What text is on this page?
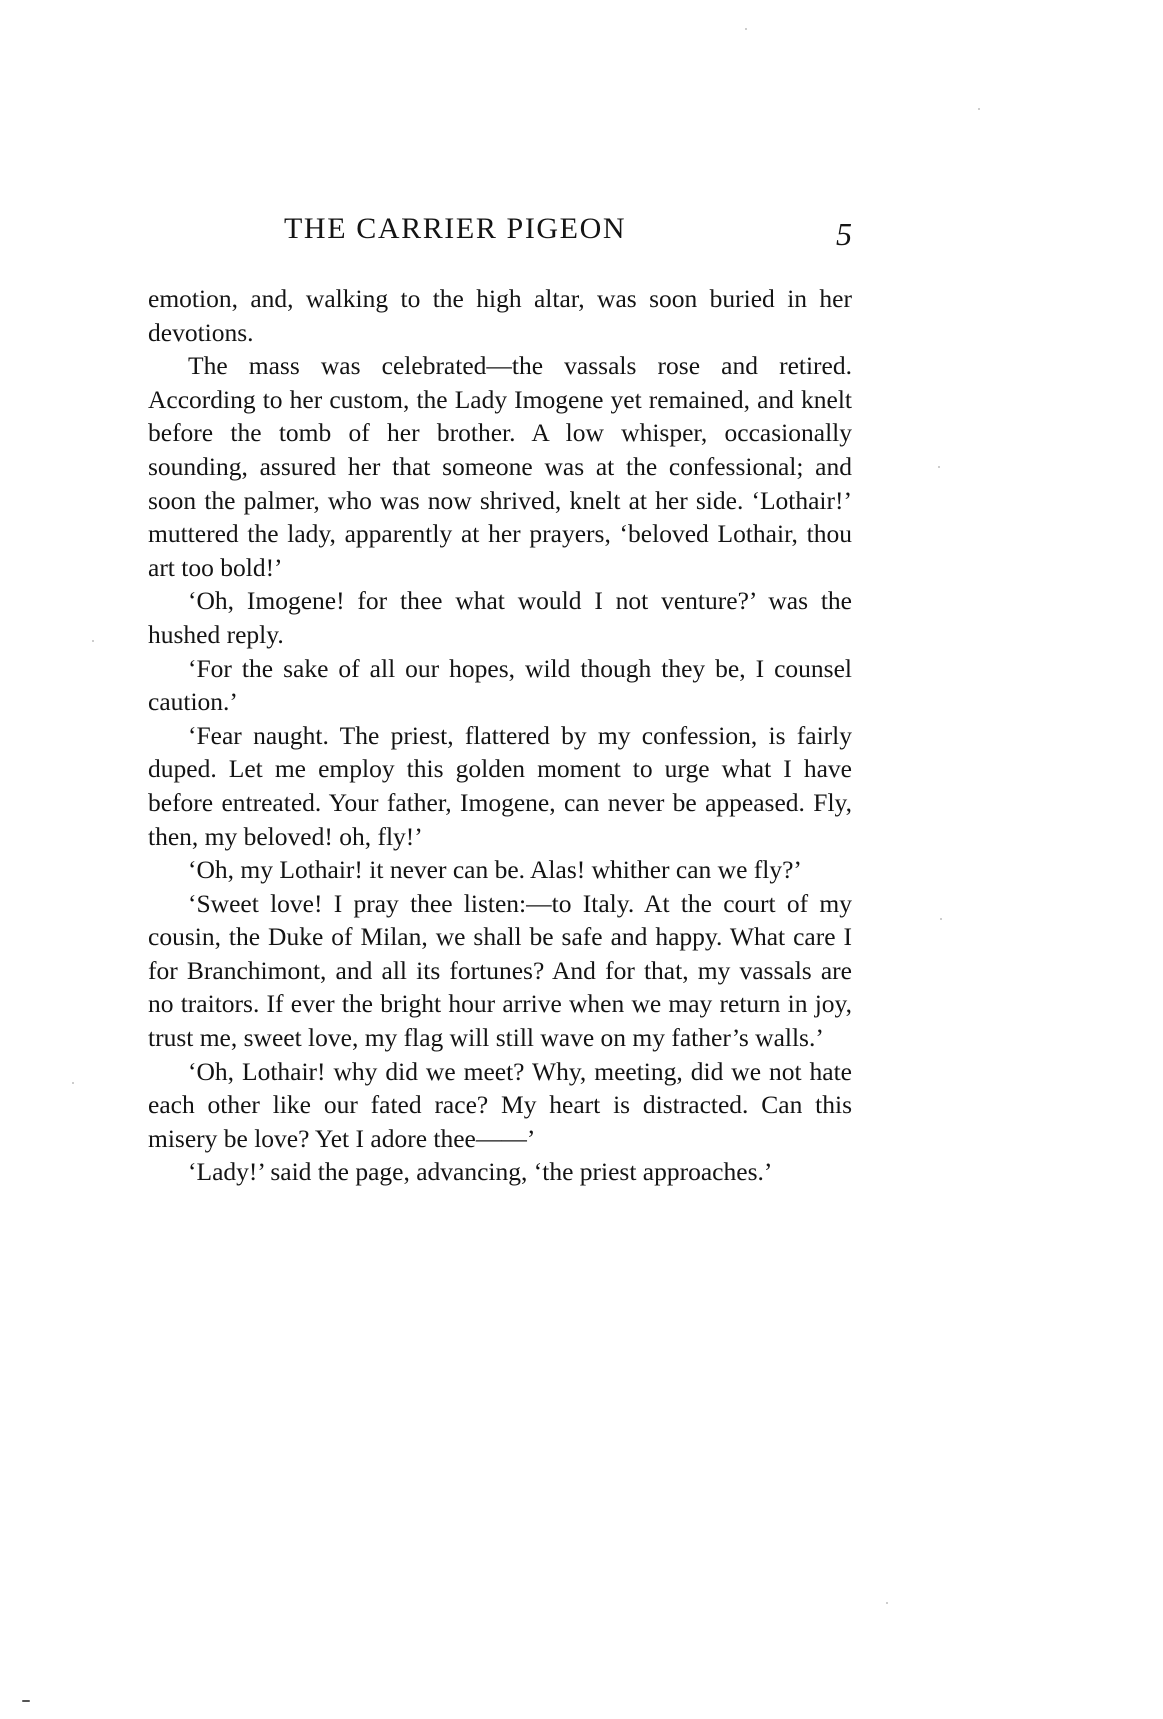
THE CARRIER PIGEON	5

emotion, and, walking to the high altar, was soon buried in her devotions.

The mass was celebrated—the vassals rose and retired. According to her custom, the Lady Imogene yet remained, and knelt before the tomb of her brother. A low whisper, occasionally sounding, assured her that someone was at the confessional; and soon the palmer, who was now shrived, knelt at her side. ‘Lothair!’ muttered the lady, apparently at her prayers, ‘beloved Lothair, thou art too bold!’

‘Oh, Imogene! for thee what would I not venture?’ was the hushed reply.

‘For the sake of all our hopes, wild though they be, I counsel caution.’

‘Fear naught. The priest, flattered by my confession, is fairly duped. Let me employ this golden moment to urge what I have before entreated. Your father, Imogene, can never be appeased. Fly, then, my beloved! oh, fly!’

‘Oh, my Lothair! it never can be. Alas! whither can we fly?’

‘Sweet love! I pray thee listen:—to Italy. At the court of my cousin, the Duke of Milan, we shall be safe and happy. What care I for Branchimont, and all its fortunes? And for that, my vassals are no traitors. If ever the bright hour arrive when we may return in joy, trust me, sweet love, my flag will still wave on my father’s walls.’

‘Oh, Lothair! why did we meet? Why, meeting, did we not hate each other like our fated race? My heart is distracted. Can this misery be love? Yet I adore thee——’

‘Lady!’ said the page, advancing, ‘the priest approaches.’
